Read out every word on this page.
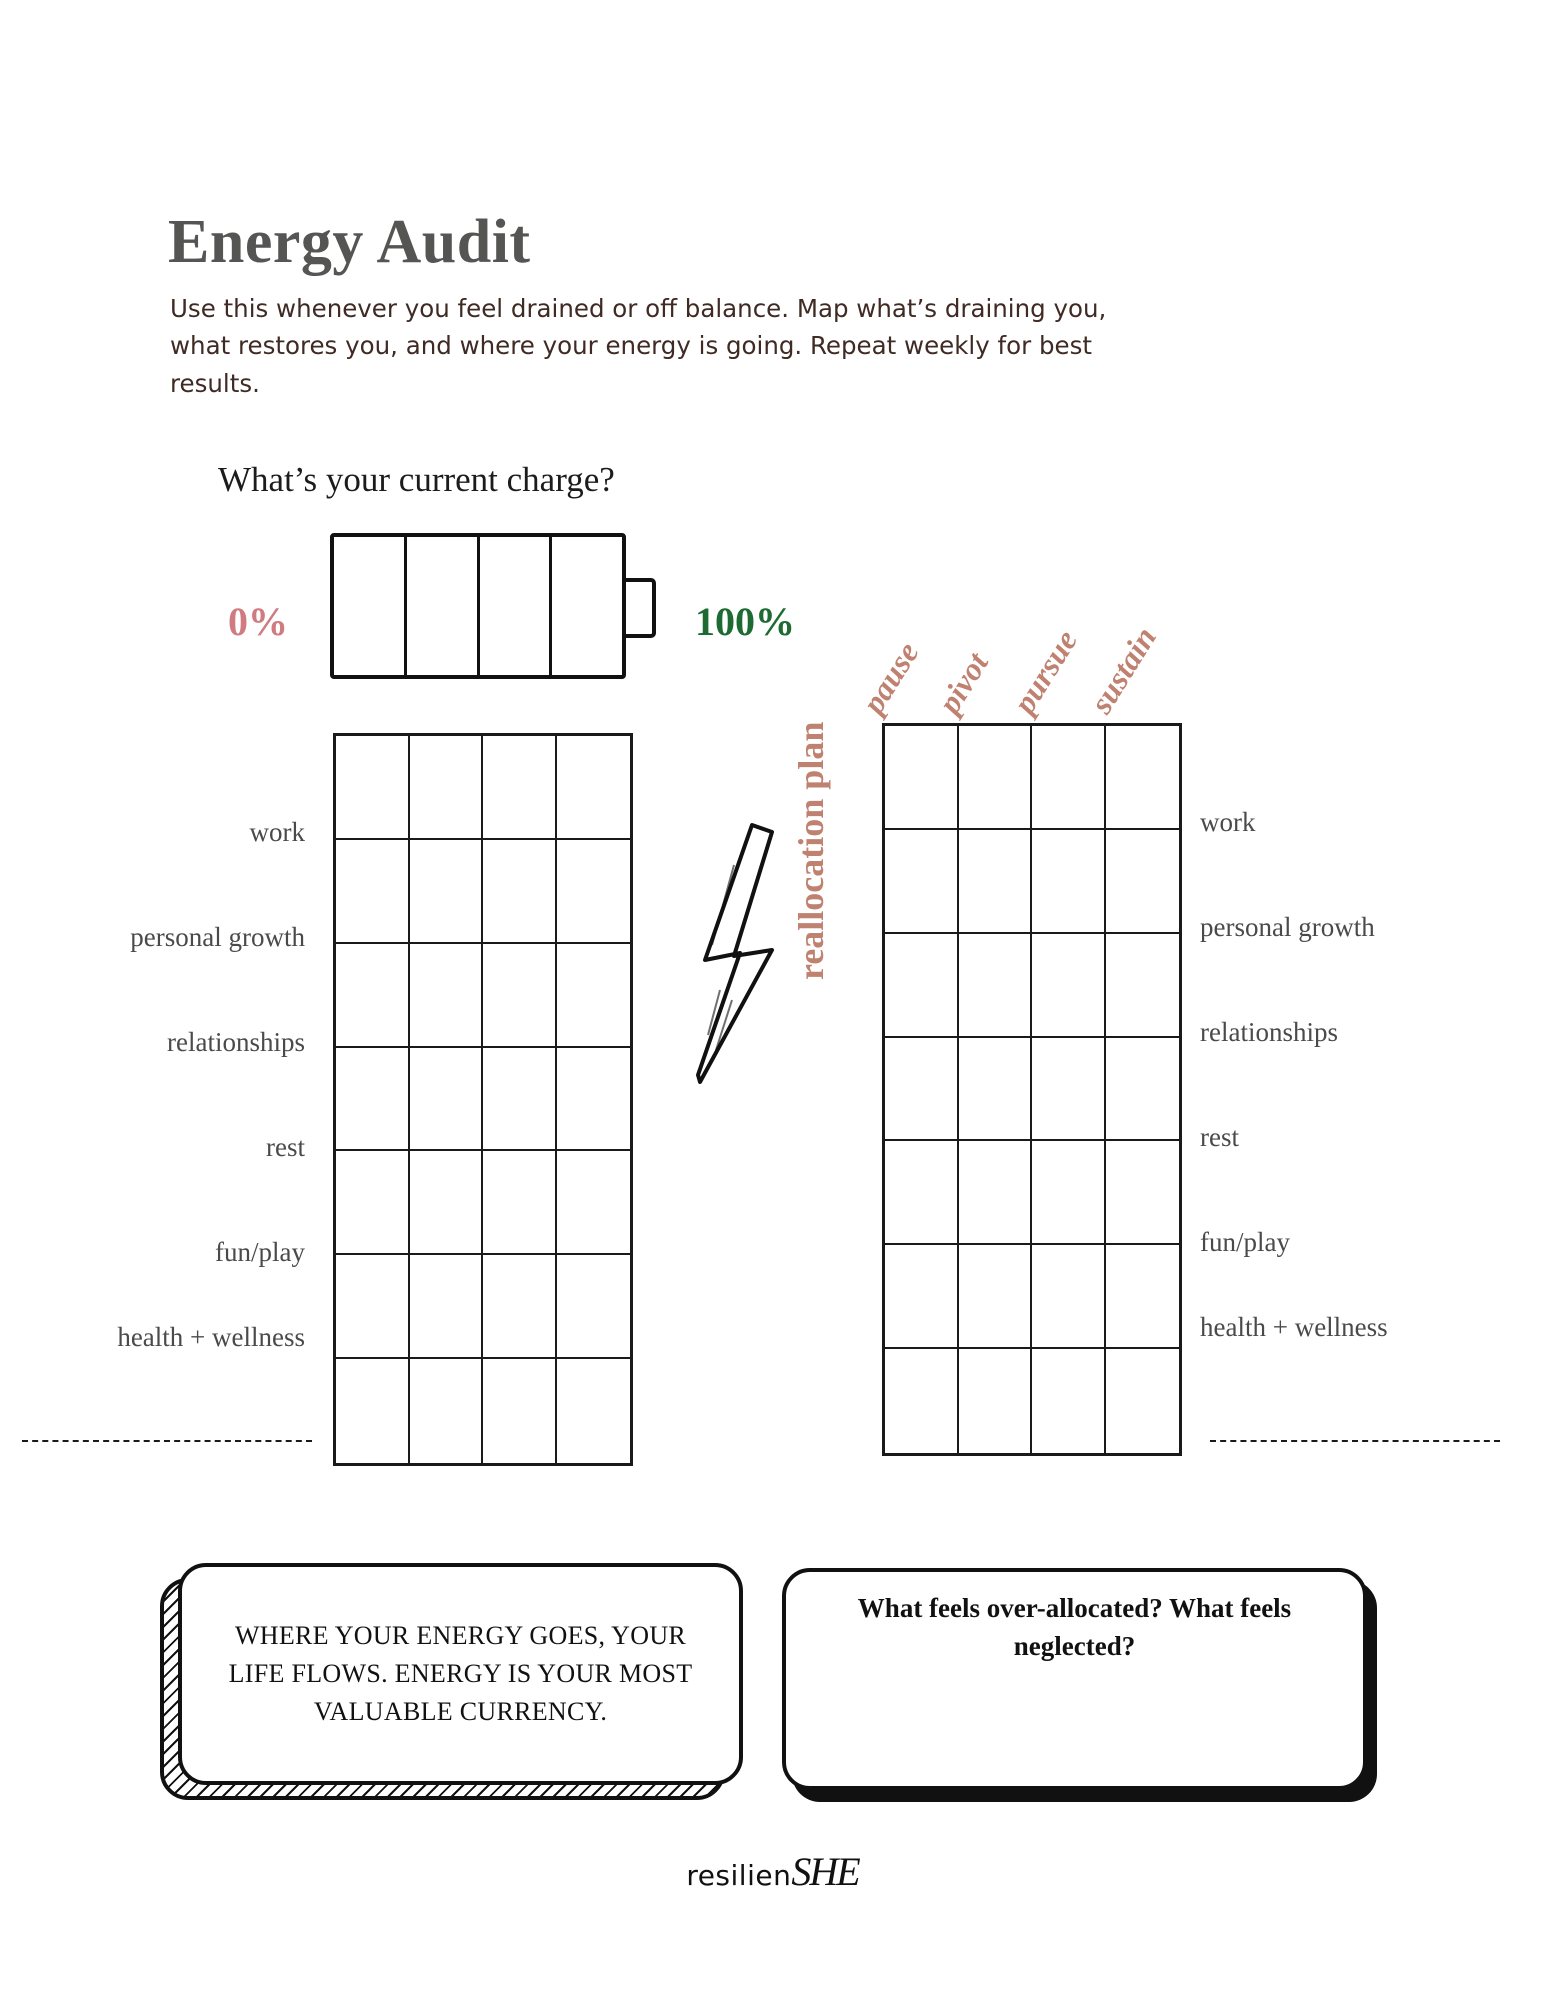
Energy Audit

Use this whenever you feel drained or off balance. Map what’s draining you, what restores you, and where your energy is going. Repeat weekly for best results.

What’s your current charge?
0%	100%
work
personal growth
relationships
rest
fun/play
health + wellness
pause pivot pursue
sustain
reallocation plan	work
personal growth
relationships
rest
fun/play
health + wellness
WHERE YOUR ENERGY GOES, YOUR LIFE FLOWS. ENERGY IS YOUR MOST VALUABLE CURRENCY.
What feels over-allocated? What feels neglected?
resilienSHE
